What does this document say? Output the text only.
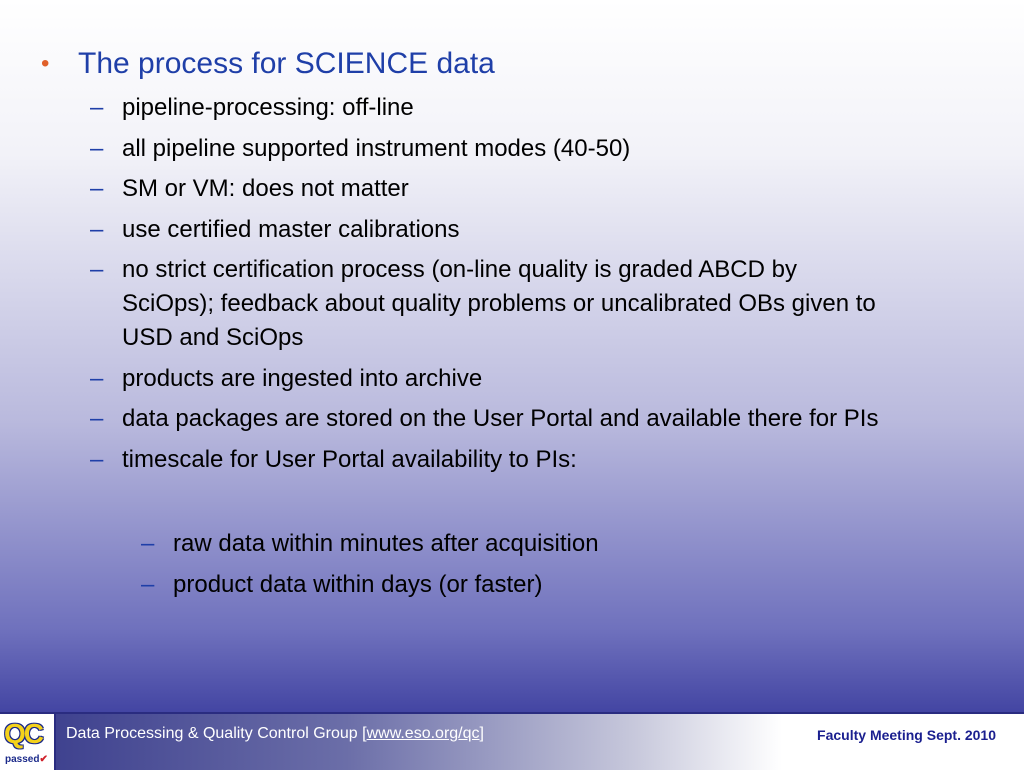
• The process for SCIENCE data
– pipeline-processing: off-line
– all pipeline supported instrument modes (40-50)
– SM or VM: does not matter
– use certified master calibrations
– no strict certification process (on-line quality is graded ABCD by SciOps); feedback about quality problems or uncalibrated OBs given to USD and SciOps
– products are ingested into archive
– data packages are stored on the User Portal and available there for PIs
– timescale for User Portal availability to PIs:
– raw data within minutes after acquisition
– product data within days (or faster)
QC
passed✔
Data Processing & Quality Control Group [www.eso.org/qc]	Faculty Meeting Sept. 2010
